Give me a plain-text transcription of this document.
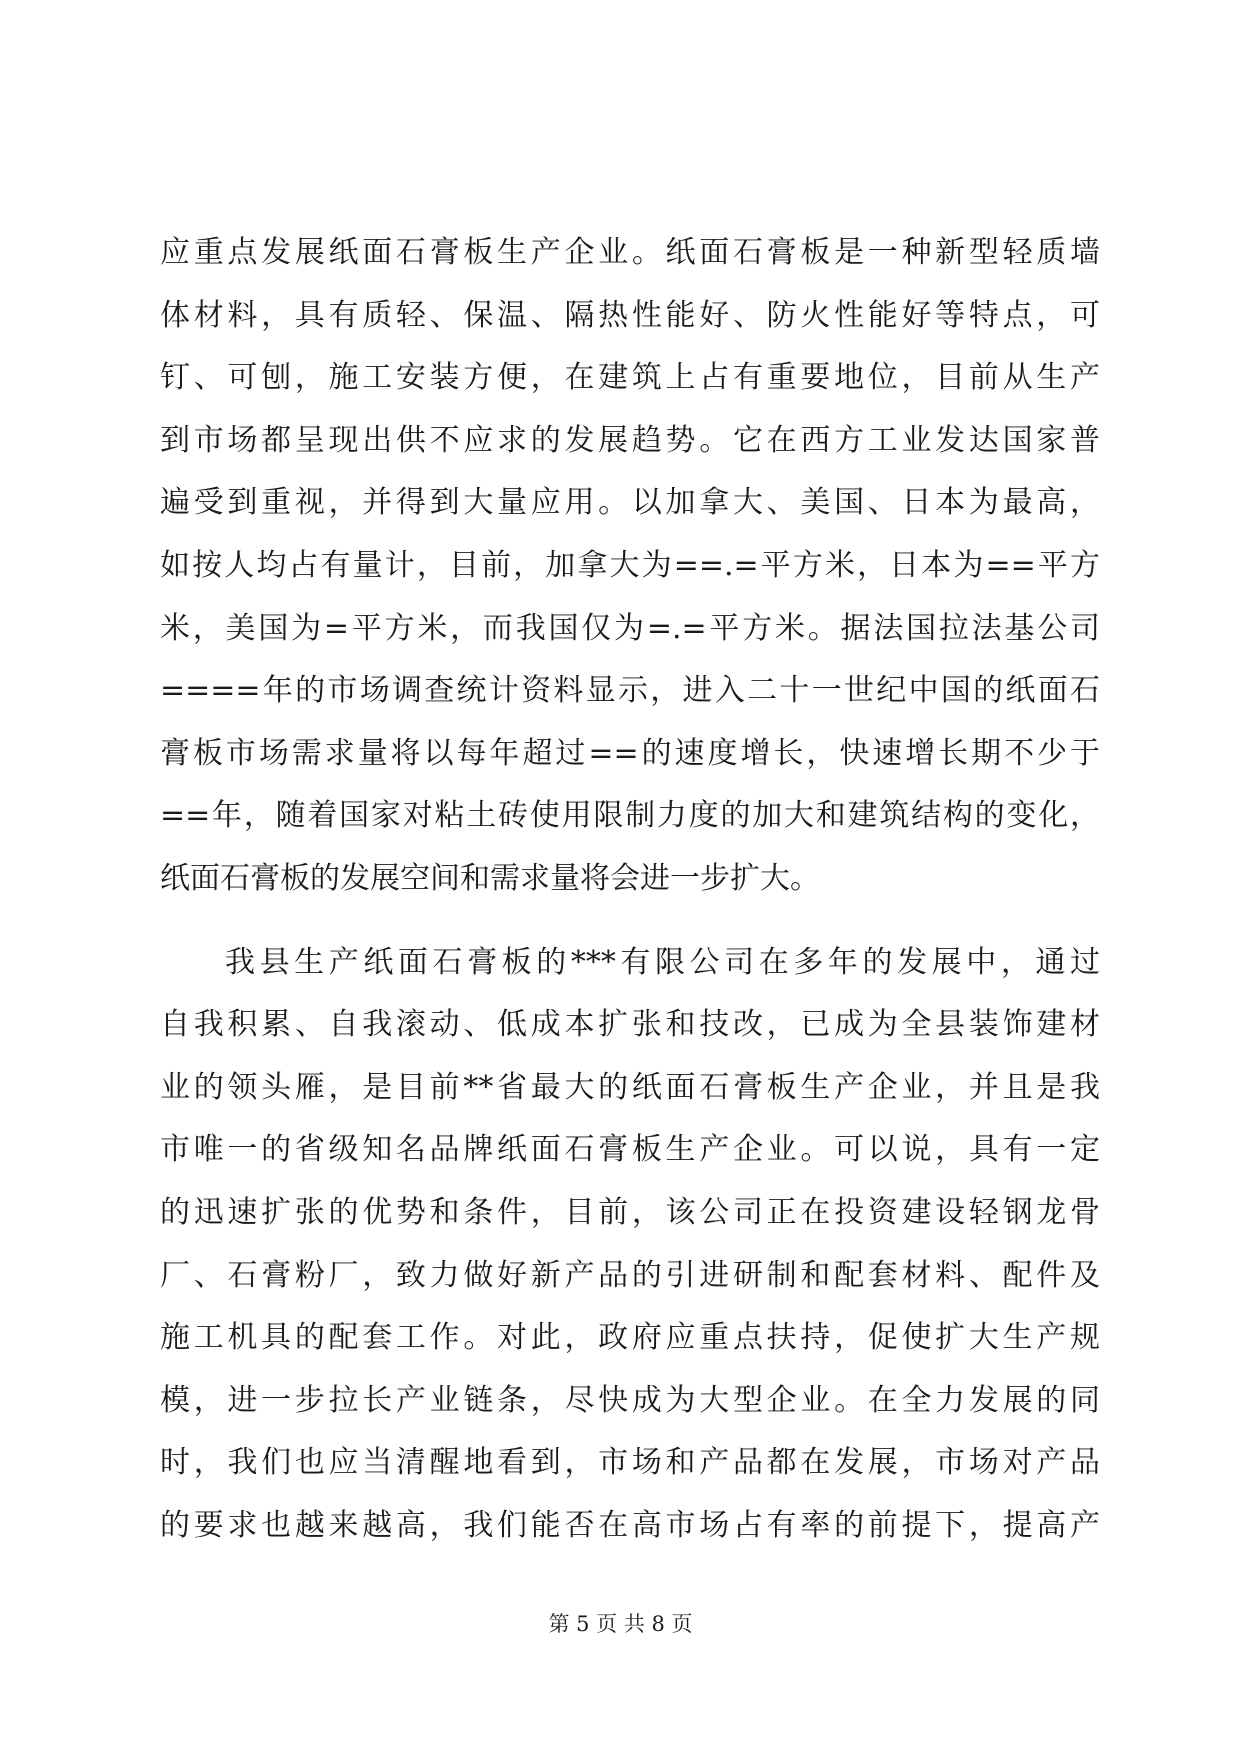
应重点发展纸面石膏板生产企业。纸面石膏板是一种新型轻质墙
体材料，具有质轻、保温、隔热性能好、防火性能好等特点，可
钉、可刨，施工安装方便，在建筑上占有重要地位，目前从生产
到市场都呈现出供不应求的发展趋势。它在西方工业发达国家普
遍受到重视，并得到大量应用。以加拿大、美国、日本为最高，
如按人均占有量计，目前，加拿大为==.=平方米，日本为==平方
米，美国为=平方米，而我国仅为=.=平方米。据法国拉法基公司
====年的市场调查统计资料显示，进入二十一世纪中国的纸面石
膏板市场需求量将以每年超过==的速度增长，快速增长期不少于
==年，随着国家对粘土砖使用限制力度的加大和建筑结构的变化，
纸面石膏板的发展空间和需求量将会进一步扩大。
我县生产纸面石膏板的***有限公司在多年的发展中，通过
自我积累、自我滚动、低成本扩张和技改，已成为全县装饰建材
业的领头雁，是目前**省最大的纸面石膏板生产企业，并且是我
市唯一的省级知名品牌纸面石膏板生产企业。可以说，具有一定
的迅速扩张的优势和条件，目前，该公司正在投资建设轻钢龙骨
厂、石膏粉厂，致力做好新产品的引进研制和配套材料、配件及
施工机具的配套工作。对此，政府应重点扶持，促使扩大生产规
模，进一步拉长产业链条，尽快成为大型企业。在全力发展的同
时，我们也应当清醒地看到，市场和产品都在发展，市场对产品
的要求也越来越高，我们能否在高市场占有率的前提下，提高产
第 5 页 共 8 页
